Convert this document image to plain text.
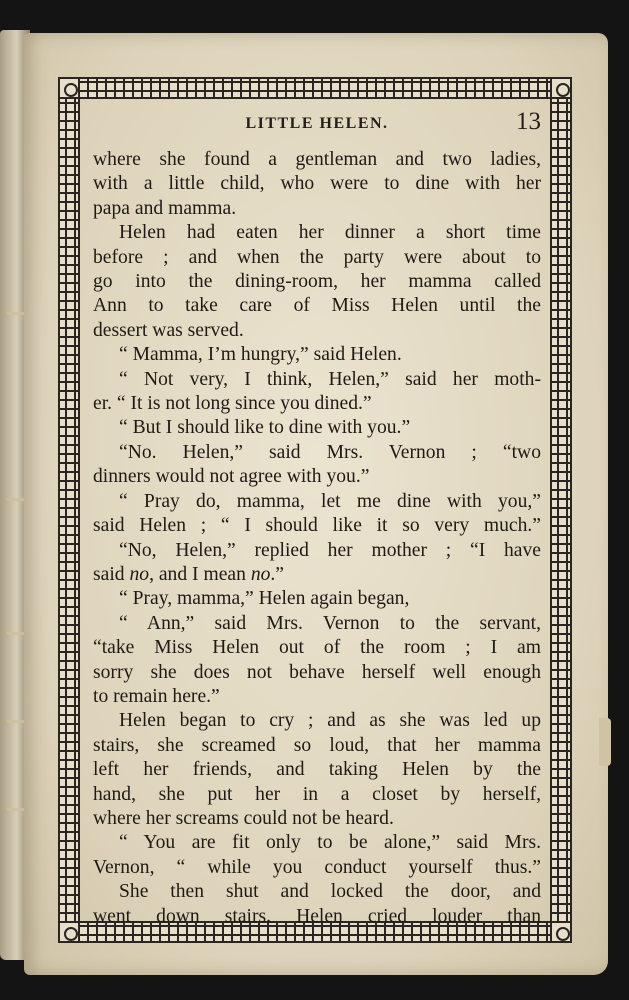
LITTLE HELEN.	13
where she found a gentleman and two ladies,
with a little child, who were to dine with her
papa and mamma.
Helen had eaten her dinner a short time
before ; and when the party were about to
go into the dining-room, her mamma called
Ann to take care of Miss Helen until the
dessert was served.
“ Mamma, I’m hungry,” said Helen.
“ Not very, I think, Helen,” said her moth-
er. “ It is not long since you dined.”
“ But I should like to dine with you.”
“No. Helen,” said Mrs. Vernon ; “two
dinners would not agree with you.”
“ Pray do, mamma, let me dine with you,”
said Helen ; “ I should like it so very much.”
“No, Helen,” replied her mother ; “I have
said no, and I mean no.”
“ Pray, mamma,” Helen again began,
“ Ann,” said Mrs. Vernon to the servant,
“take Miss Helen out of the room ; I am
sorry she does not behave herself well enough
to remain here.”
Helen began to cry ; and as she was led up
stairs, she screamed so loud, that her mamma
left her friends, and taking Helen by the
hand, she put her in a closet by herself,
where her screams could not be heard.
“ You are fit only to be alone,” said Mrs.
Vernon, “ while you conduct yourself thus.”
She then shut and locked the door, and
went down stairs. Helen cried louder than
